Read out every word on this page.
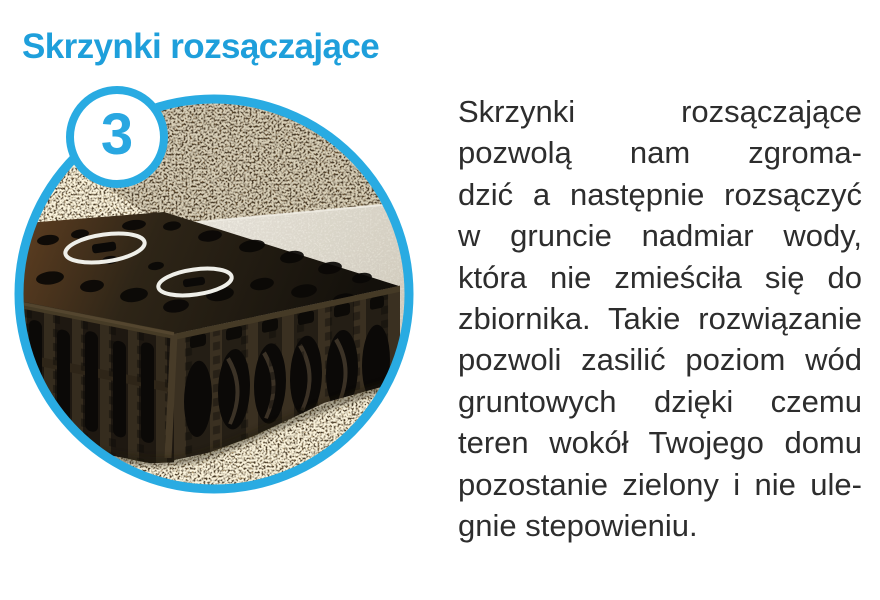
Skrzynki rozsączające
3	Skrzynki rozsączające
pozwolą nam zgroma-
dzić a następnie rozsączyć
w gruncie nadmiar wody,
która nie zmieściła się do
zbiornika. Takie rozwiązanie
pozwoli zasilić poziom wód
gruntowych dzięki czemu
teren wokół Twojego domu
pozostanie zielony i nie ule-
gnie stepowieniu.
